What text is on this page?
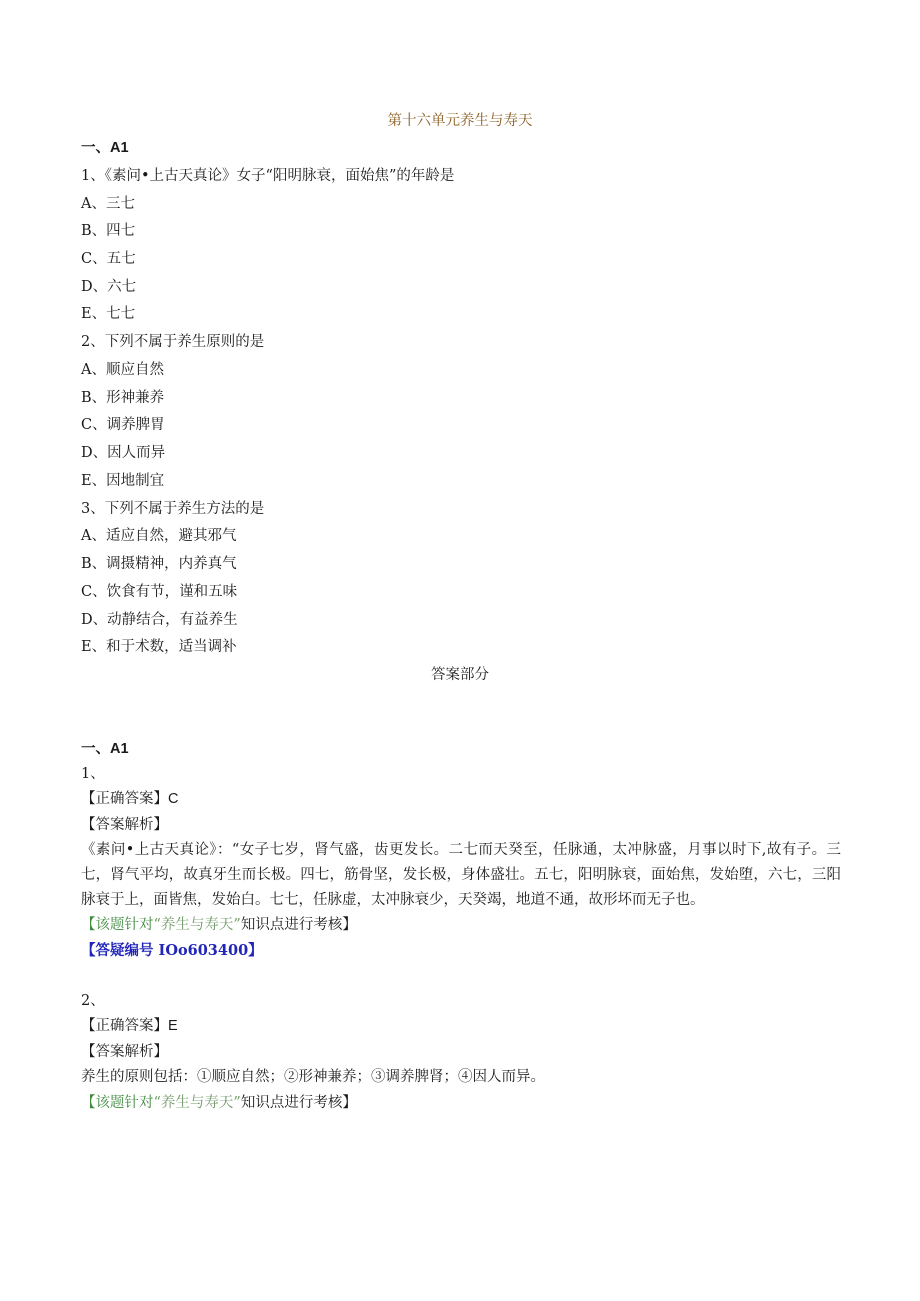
第十六单元养生与寿天
一、A1
1、《素问•上古天真论》女子“阳明脉衰，面始焦”的年龄是
A、三七
B、四七
C、五七
D、六七
E、七七
2、下列不属于养生原则的是
A、顺应自然
B、形神兼养
C、调养脾胃
D、因人而异
E、因地制宜
3、下列不属于养生方法的是
A、适应自然，避其邪气
B、调摄精神，内养真气
C、饮食有节，谨和五味
D、动静结合，有益养生
E、和于术数，适当调补
答案部分
一、A1
1、
【正确答案】C
【答案解析】
《素问•上古天真论》：“女子七岁，肾气盛，齿更发长。二七而天癸至，任脉通，太冲脉盛，月事以时下,故有子。三七，肾气平均，故真牙生而长极。四七，筋骨坚，发长极，身体盛壮。五七，阳明脉衰，面始焦，发始堕，六七，三阳脉衰于上，面皆焦，发始白。七七，任脉虚，太冲脉衰少，天癸竭，地道不通，故形坏而无子也。
【该题针对“养生与寿天”知识点进行考核】
【答疑编号 IOo603400】
2、
【正确答案】E
【答案解析】
养生的原则包括：①顺应自然；②形神兼养；③调养脾肾；④因人而异。
【该题针对“养生与寿天”知识点进行考核】
